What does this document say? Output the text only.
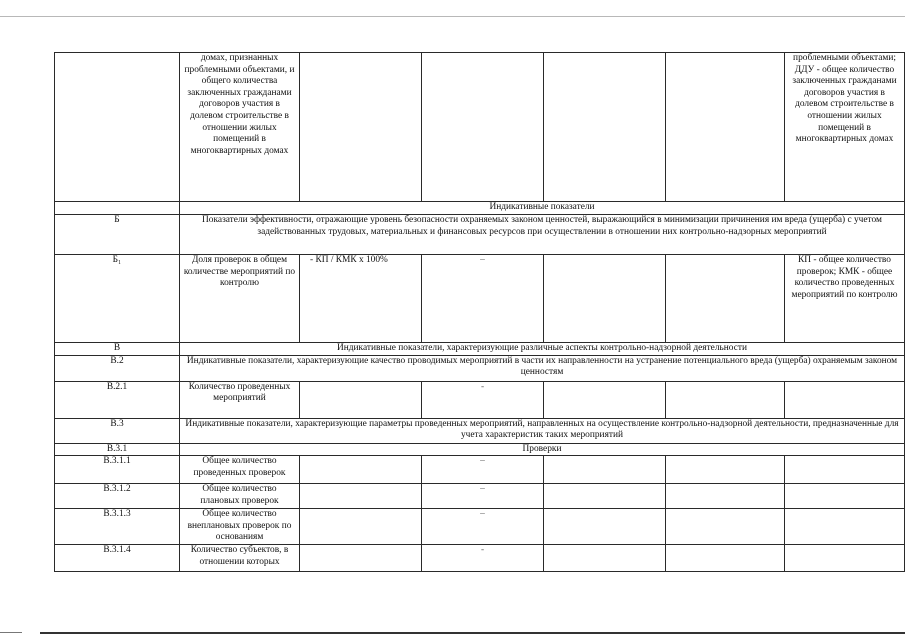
	домах, признанных проблемными объектами, и общего количества заключенных гражданами договоров участия в долевом строительстве в отношении жилых помещений в многоквартирных домах					проблемными объектами; ДДУ - общее количество заключенных гражданами договоров участия в долевом строительстве в отношении жилых помещений в многоквартирных домах
	Индикативные показатели					
Б	Показатели эффективности, отражающие уровень безопасности охраняемых законом ценностей, выражающийся в минимизации причинения им вреда (ущерба) с учетом задействованных трудовых, материальных и финансовых ресурсов при осуществлении в отношении них контрольно-надзорных мероприятий					
Б₁	Доля проверок в общем количестве мероприятий по контролю	- КП / КМК х 100%	–			КП - общее количество проверок; КМК - общее количество проведенных мероприятий по контролю
В	Индикативные показатели, характеризующие различные аспекты контрольно-надзорной деятельности					
В.2	Индикативные показатели, характеризующие качество проводимых мероприятий в части их направленности на устранение потенциального вреда (ущерба) охраняемым законом ценностям					
В.2.1	Количество проведенных мероприятий		-			
В.3	Индикативные показатели, характеризующие параметры проведенных мероприятий, направленных на осуществление контрольно-надзорной деятельности, предназначенные для учета характеристик таких мероприятий					
В.3.1	Проверки					
В.3.1.1	Общее количество проведенных проверок		–			
В.3.1.2	Общее количество плановых проверок		–			
В.3.1.3	Общее количество внеплановых проверок по основаниям		–			
В.3.1.4	Количество субъектов, в отношении которых		-			
